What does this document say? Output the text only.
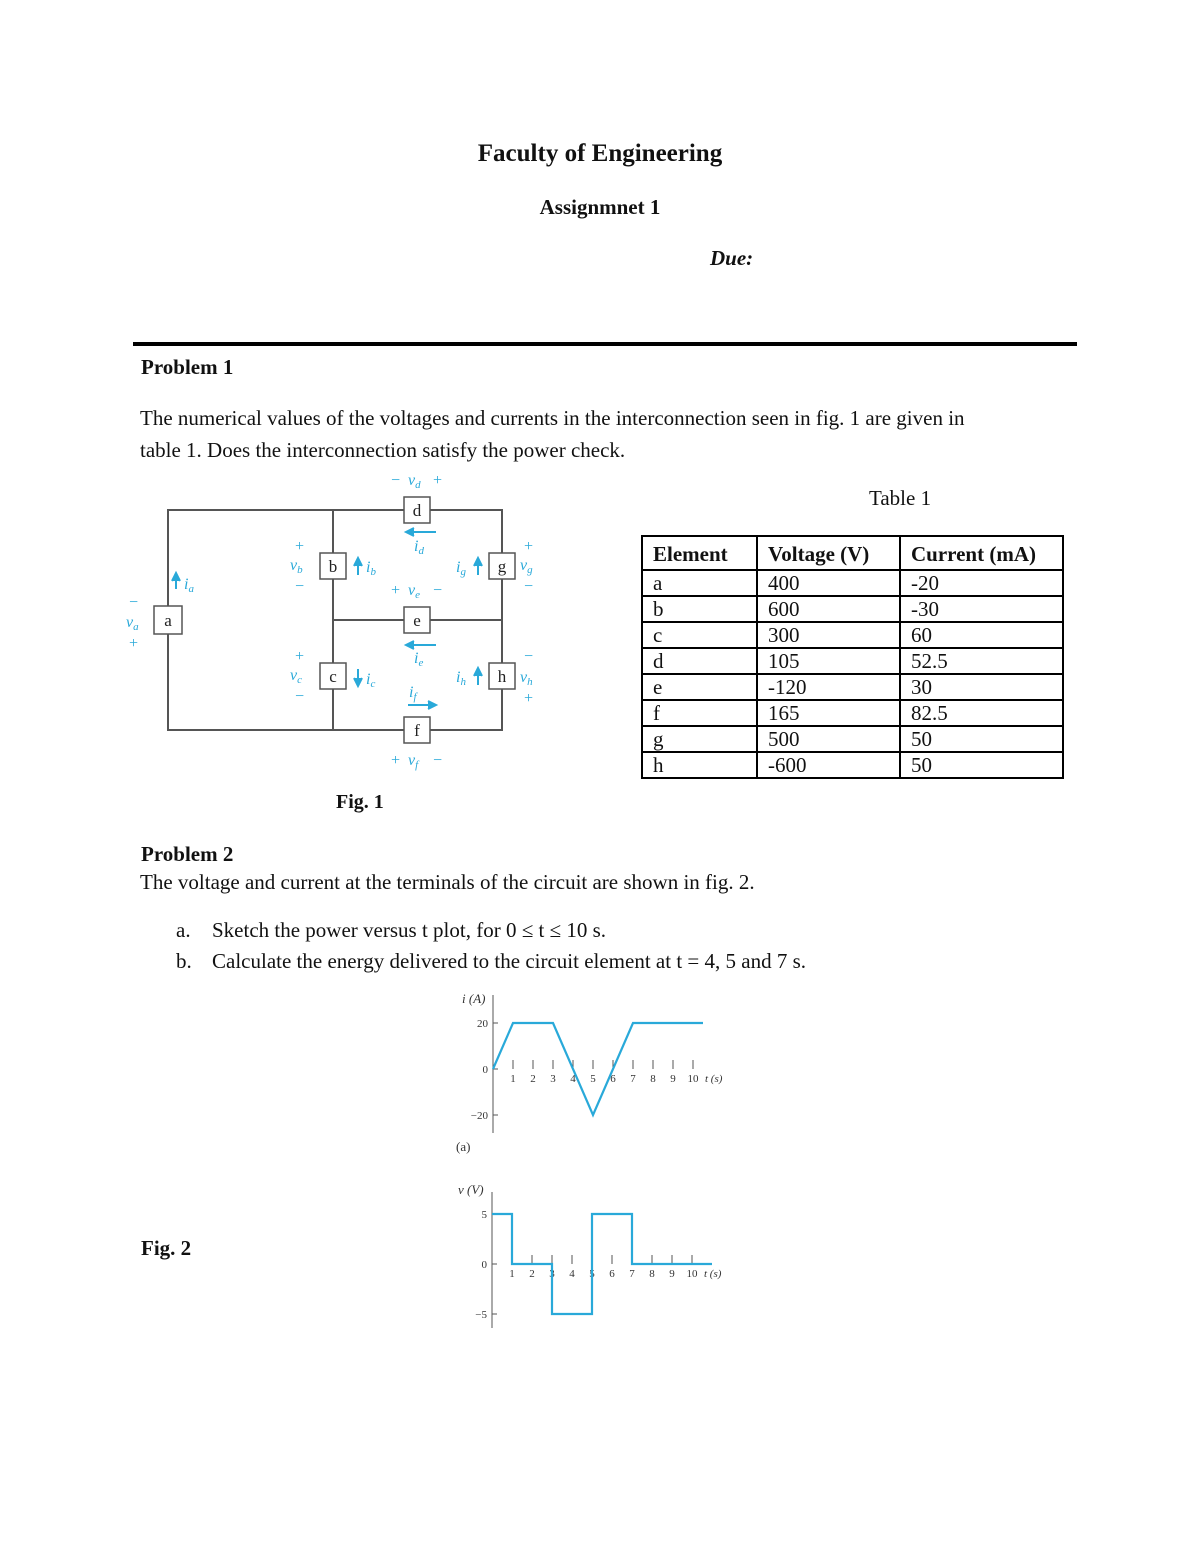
Faculty of Engineering
Assignmnet 1
Due:
Problem 1
The numerical values of the voltages and currents in the interconnection seen in fig. 1 are given in
table 1. Does the interconnection satisfy the power check.
a
b
c
d
e
f
g
h
−
va
+
ia
+
vb
−
ib
+
vc
−
ic
− vd +
id
+ ve −
ie
if
+ vf −
ig
+
vg
−
ih
−
vh
+
Fig. 1
Table 1
Element	Voltage (V)	Current (mA)
a	400	-20
b	600	-30
c	300	60
d	105	52.5
e	-120	30
f	165	82.5
g	500	50
h	-600	50
Problem 2
The voltage and current at the terminals of the circuit are shown in fig. 2.
a. Sketch the power versus t plot, for 0 ≤ t ≤ 10 s.
b. Calculate the energy delivered to the circuit element at t = 4, 5 and 7 s.
Fig. 2
i (A)
(a)
−20
0
20
1 2 3 4 5 6 7 8 9 10 t (s)
v (V)
−5
0
5
1 2 3 4 5 6 7 8 9 10 t (s)
